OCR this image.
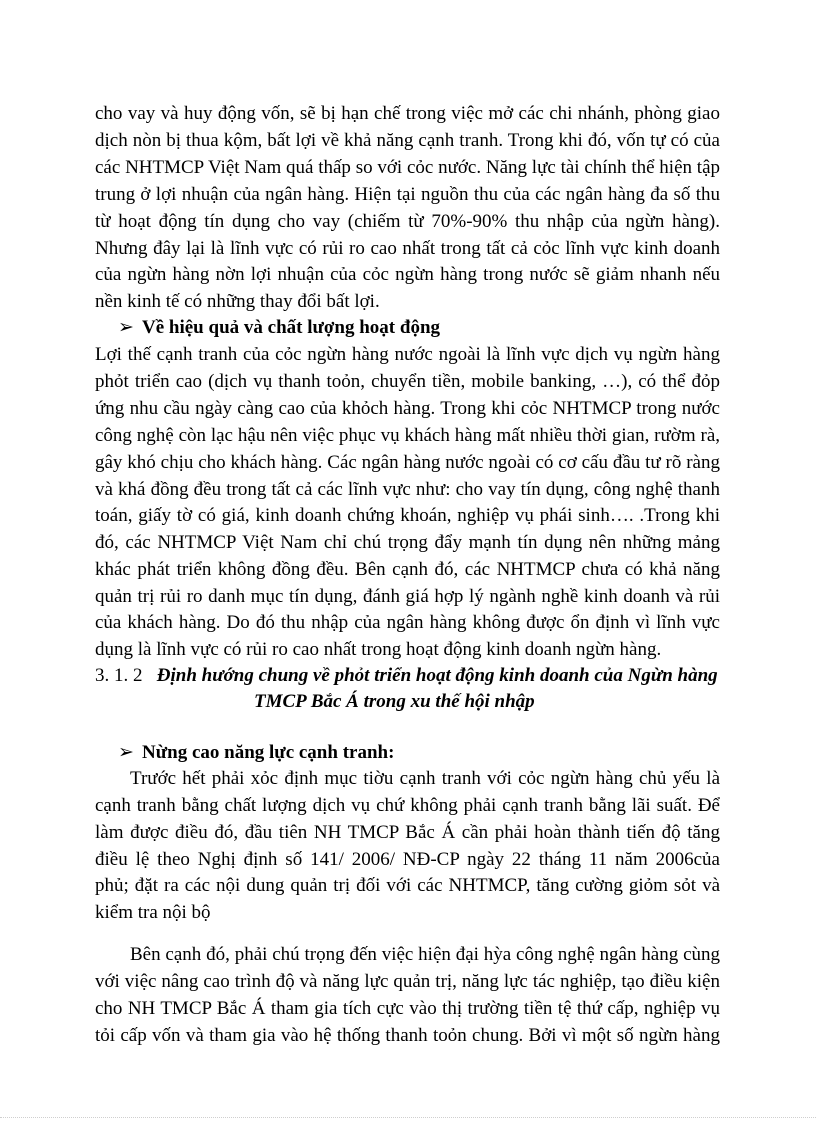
cho vay và huy động vốn, sẽ bị hạn chế trong việc mở các chi nhánh, phòng giao
dịch nòn bị thua kộm, bất lợi về khả năng cạnh tranh. Trong khi đó, vốn tự có của
các NHTMCP Việt Nam quá thấp so với cỏc nước. Năng lực tài chính thể hiện tập
trung ở lợi nhuận của ngân hàng. Hiện tại nguồn thu của các ngân hàng đa số thu
từ hoạt động tín dụng cho vay (chiếm từ 70%-90% thu nhập của ngừn hàng).
Nhưng đây lại là lĩnh vực có rủi ro cao nhất trong tất cả cỏc lĩnh vực kinh doanh
của ngừn hàng nờn lợi nhuận của cỏc ngừn hàng trong nước sẽ giảm nhanh nếu
nền kinh tế có những thay đổi bất lợi.
➢ Về hiệu quả và chất lượng hoạt động
Lợi thế cạnh tranh của cỏc ngừn hàng nước ngoài là lĩnh vực dịch vụ ngừn hàng
phỏt triển cao (dịch vụ thanh toỏn, chuyển tiền, mobile banking, …), có thể đỏp
ứng nhu cầu ngày càng cao của khỏch hàng. Trong khi cỏc NHTMCP trong nước
công nghệ còn lạc hậu nên việc phục vụ khách hàng mất nhiều thời gian, rườm rà,
gây khó chịu cho khách hàng. Các ngân hàng nước ngoài có cơ cấu đầu tư rõ ràng
và khá đồng đều trong tất cả các lĩnh vực như: cho vay tín dụng, công nghệ thanh
toán, giấy tờ có giá, kinh doanh chứng khoán, nghiệp vụ phái sinh…. .Trong khi
đó, các NHTMCP Việt Nam chỉ chú trọng đẩy mạnh tín dụng nên những mảng
khác phát triển không đồng đều. Bên cạnh đó, các NHTMCP chưa có khả năng
quản trị rủi ro danh mục tín dụng, đánh giá hợp lý ngành nghề kinh doanh và rủi
của khách hàng. Do đó thu nhập của ngân hàng không được ổn định vì lĩnh vực
dụng là lĩnh vực có rủi ro cao nhất trong hoạt động kinh doanh ngừn hàng.
3. 1. 2 Định hướng chung về phỏt triển hoạt động kinh doanh của Ngừn hàng
TMCP Bắc Á trong xu thế hội nhập
➢ Nừng cao năng lực cạnh tranh:
Trước hết phải xỏc định mục tiờu cạnh tranh với cỏc ngừn hàng chủ yếu là
cạnh tranh bằng chất lượng dịch vụ chứ không phải cạnh tranh bằng lãi suất. Để
làm được điều đó, đầu tiên NH TMCP Bắc Á cần phải hoàn thành tiến độ tăng
điều lệ theo Nghị định số 141/ 2006/ NĐ-CP ngày 22 tháng 11 năm 2006của
phủ; đặt ra các nội dung quản trị đối với các NHTMCP, tăng cường giỏm sỏt và
kiểm tra nội bộ
Bên cạnh đó, phải chú trọng đến việc hiện đại hỳa công nghệ ngân hàng cùng
với việc nâng cao trình độ và năng lực quản trị, năng lực tác nghiệp, tạo điều kiện
cho NH TMCP Bắc Á tham gia tích cực vào thị trường tiền tệ thứ cấp, nghiệp vụ
tỏi cấp vốn và tham gia vào hệ thống thanh toỏn chung. Bởi vì một số ngừn hàng
